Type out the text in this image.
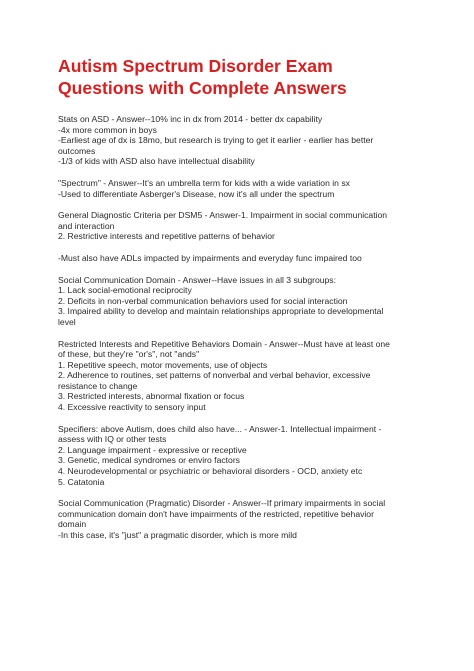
Autism Spectrum Disorder Exam
Questions with Complete Answers
Stats on ASD - Answer--10% inc in dx from 2014 - better dx capability
-4x more common in boys
-Earliest age of dx is 18mo, but research is trying to get it earlier - earlier has better
outcomes
-1/3 of kids with ASD also have intellectual disability
"Spectrum" - Answer--It's an umbrella term for kids with a wide variation in sx
-Used to differentiate Asberger's Disease, now it's all under the spectrum
General Diagnostic Criteria per DSM5 - Answer-1. Impairment in social communication
and interaction
2. Restrictive interests and repetitive patterns of behavior
-Must also have ADLs impacted by impairments and everyday func impaired too
Social Communication Domain - Answer--Have issues in all 3 subgroups:
1. Lack social-emotional reciprocity
2. Deficits in non-verbal communication behaviors used for social interaction
3. Impaired ability to develop and maintain relationships appropriate to developmental
level
Restricted Interests and Repetitive Behaviors Domain - Answer--Must have at least one
of these, but they're "or's", not "ands"
1. Repetitive speech, motor movements, use of objects
2. Adherence to routines, set patterns of nonverbal and verbal behavior, excessive
resistance to change
3. Restricted interests, abnormal fixation or focus
4. Excessive reactivity to sensory input
Specifiers: above Autism, does child also have... - Answer-1. Intellectual impairment -
assess with IQ or other tests
2. Language impairment - expressive or receptive
3. Genetic, medical syndromes or enviro factors
4. Neurodevelopmental or psychiatric or behavioral disorders - OCD, anxiety etc
5. Catatonia
Social Communication (Pragmatic) Disorder - Answer--If primary impairments in social
communication domain don't have impairments of the restricted, repetitive behavior
domain
-In this case, it's "just" a pragmatic disorder, which is more mild
